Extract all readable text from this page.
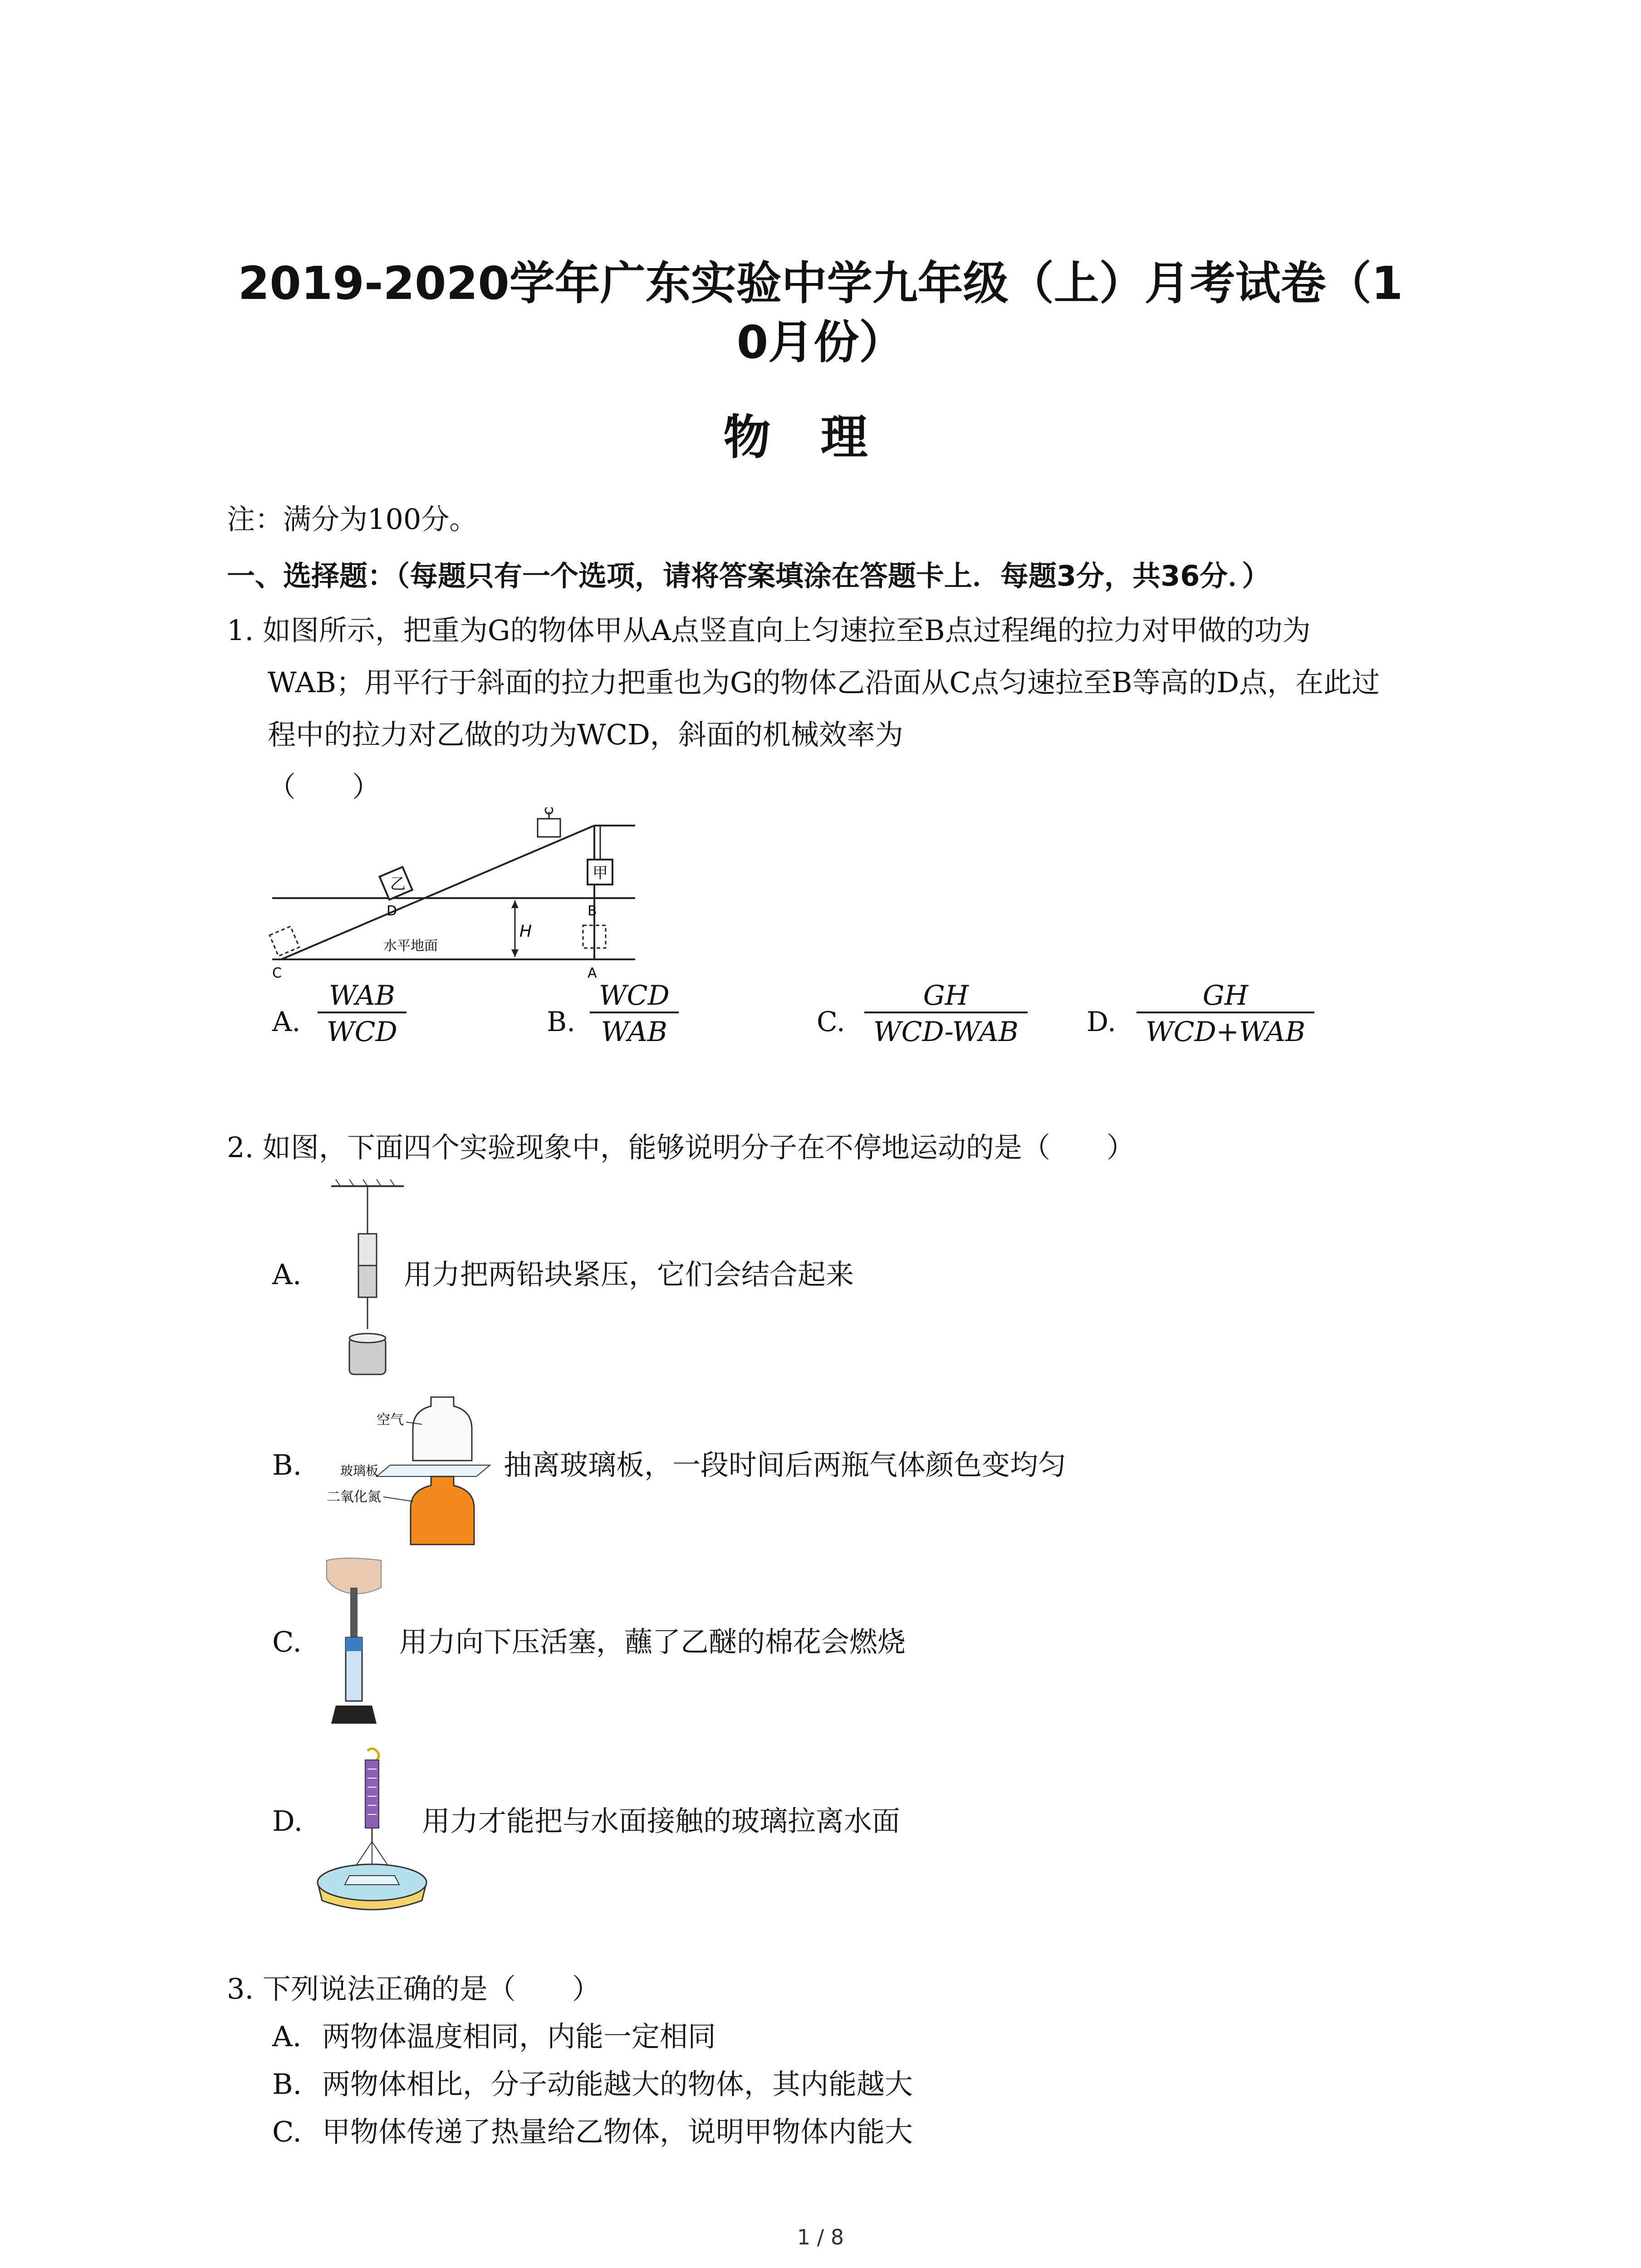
2019-2020学年广东实验中学九年级（上）月考试卷（1
0月份）
物理
注：满分为100分。
一、选择题：（每题只有一个选项，请将答案填涂在答题卡上．每题3分，共36分．）
1. 如图所示，把重为G的物体甲从A点竖直向上匀速拉至B点过程绳的拉力对甲做的功为
WAB；用平行于斜面的拉力把重也为G的物体乙沿面从C点匀速拉至B等高的D点，在此过
程中的拉力对乙做的功为WCD，斜面的机械效率为
（　　）
乙
甲
H
水平地面
C
D
A
B
A.
WAB
WCD	B.
WCD
WAB	C.
GH
WCD-WAB	D.
GH
WCD+WAB
2. 如图，下面四个实验现象中，能够说明分子在不停地运动的是（　　）
A.	用力把两铅块紧压，它们会结合起来
B.
空气
玻璃板
二氧化氮
抽离玻璃板，一段时间后两瓶气体颜色变均匀
C.	用力向下压活塞，蘸了乙醚的棉花会燃烧
D.	用力才能把与水面接触的玻璃拉离水面
3. 下列说法正确的是（　　）
A. 两物体温度相同，内能一定相同
B. 两物体相比，分子动能越大的物体，其内能越大
C. 甲物体传递了热量给乙物体，说明甲物体内能大
1 / 8
